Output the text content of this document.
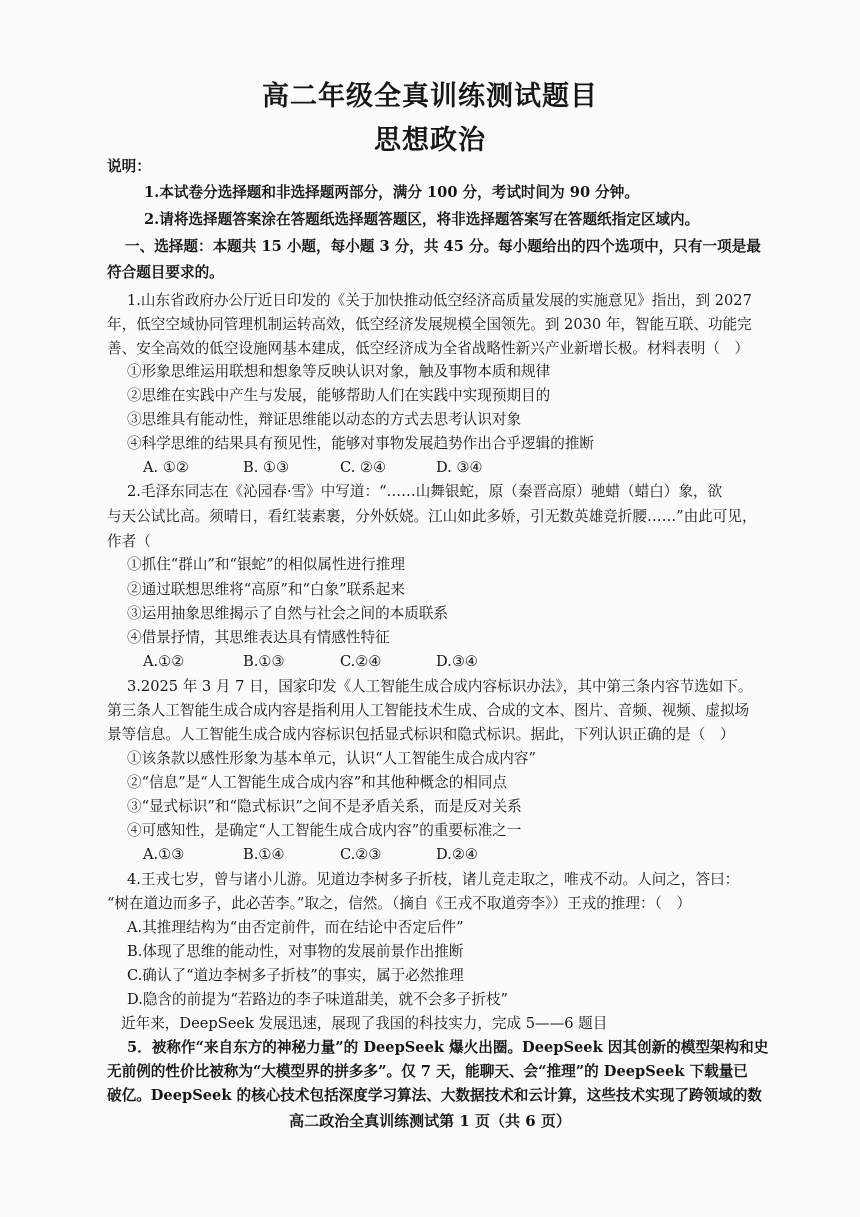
高二年级全真训练测试题目
思想政治
说明：
1.本试卷分选择题和非选择题两部分，满分 100 分，考试时间为 90 分钟。
2.请将选择题答案涂在答题纸选择题答题区，将非选择题答案写在答题纸指定区域内。
一、选择题：本题共 15 小题，每小题 3 分，共 45 分。每小题给出的四个选项中，只有一项是最
符合题目要求的。
1.山东省政府办公厅近日印发的《关于加快推动低空经济高质量发展的实施意见》指出，到 2027
年，低空空域协同管理机制运转高效，低空经济发展规模全国领先。到 2030 年，智能互联、功能完
善、安全高效的低空设施网基本建成，低空经济成为全省战略性新兴产业新增长极。材料表明（　）
①形象思维运用联想和想象等反映认识对象，触及事物本质和规律
②思维在实践中产生与发展，能够帮助人们在实践中实现预期目的
③思维具有能动性，辩证思维能以动态的方式去思考认识对象
④科学思维的结果具有预见性，能够对事物发展趋势作出合乎逻辑的推断
A. ①②	B. ①③	C. ②④	D. ③④
2.毛泽东同志在《沁园春·雪》中写道：“……山舞银蛇，原（秦晋高原）驰蜡（蜡白）象，欲
与天公试比高。须晴日，看红装素裹，分外妖娆。江山如此多娇，引无数英雄竞折腰……”由此可见，
作者（
①抓住“群山”和“银蛇”的相似属性进行推理
②通过联想思维将“高原”和“白象”联系起来
③运用抽象思维揭示了自然与社会之间的本质联系
④借景抒情，其思维表达具有情感性特征
A.①②	B.①③	C.②④	D.③④
3.2025 年 3 月 7 日，国家印发《人工智能生成合成内容标识办法》，其中第三条内容节选如下。
第三条人工智能生成合成内容是指利用人工智能技术生成、合成的文本、图片、音频、视频、虚拟场
景等信息。人工智能生成合成内容标识包括显式标识和隐式标识。据此，下列认识正确的是（　）
①该条款以感性形象为基本单元，认识“人工智能生成合成内容”
②“信息”是“人工智能生成合成内容”和其他种概念的相同点
③“显式标识”和“隐式标识”之间不是矛盾关系，而是反对关系
④可感知性，是确定“人工智能生成合成内容”的重要标准之一
A.①③	B.①④	C.②③	D.②④
4.王戎七岁，曾与诸小儿游。见道边李树多子折枝，诸儿竞走取之，唯戎不动。人问之，答曰：
“树在道边而多子，此必苦李。”取之，信然。（摘自《王戎不取道旁李》）王戎的推理：（　）
A.其推理结构为“由否定前件，而在结论中否定后件”
B.体现了思维的能动性，对事物的发展前景作出推断
C.确认了“道边李树多子折枝”的事实，属于必然推理
D.隐含的前提为“若路边的李子味道甜美，就不会多子折枝”
近年来，DeepSeek 发展迅速，展现了我国的科技实力，完成 5——6 题目
5．被称作“来自东方的神秘力量”的 DeepSeek 爆火出圈。DeepSeek 因其创新的模型架构和史
无前例的性价比被称为“大模型界的拼多多”。仅 7 天，能聊天、会“推理”的 DeepSeek 下载量已
破亿。DeepSeek 的核心技术包括深度学习算法、大数据技术和云计算，这些技术实现了跨领域的数
高二政治全真训练测试第 1 页（共 6 页）
